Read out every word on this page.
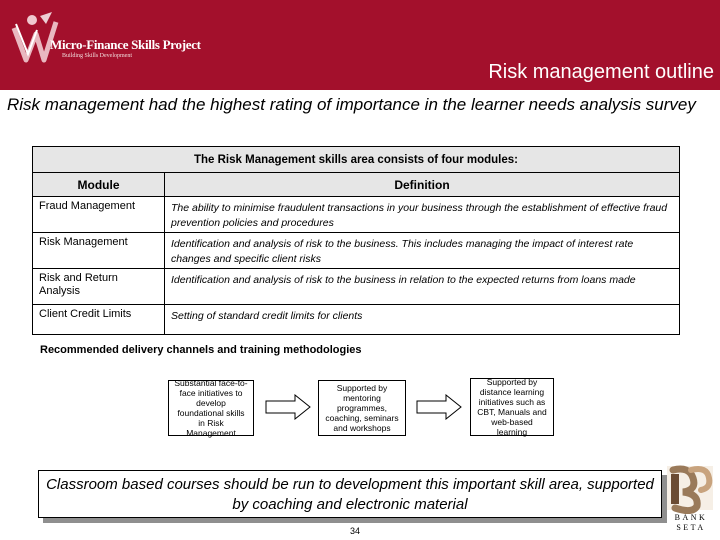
Micro-Finance Skills Project
Building Skills Development
Risk management outline
Risk management had the highest rating of importance in the learner needs analysis survey
The Risk Management skills area consists of four modules:	
Module	Definition
Fraud Management	The ability to minimise fraudulent transactions in your business through the establishment of effective fraud prevention policies and procedures
Risk Management	Identification and analysis of risk to the business. This includes managing the impact of interest rate changes and specific client risks
Risk and Return Analysis	Identification and analysis of risk to the business in relation to the expected returns from loans made
Client Credit Limits	Setting of standard credit limits for clients
Recommended delivery channels and training methodologies
Substantial face-to-face initiatives to develop foundational skills in Risk Management
Supported by mentoring programmes, coaching, seminars and workshops
Supported by distance learning initiatives such as CBT, Manuals and web-based learning
Classroom based courses should be run to development this important skill area, supported by coaching and electronic material
34
BANK
SETA
